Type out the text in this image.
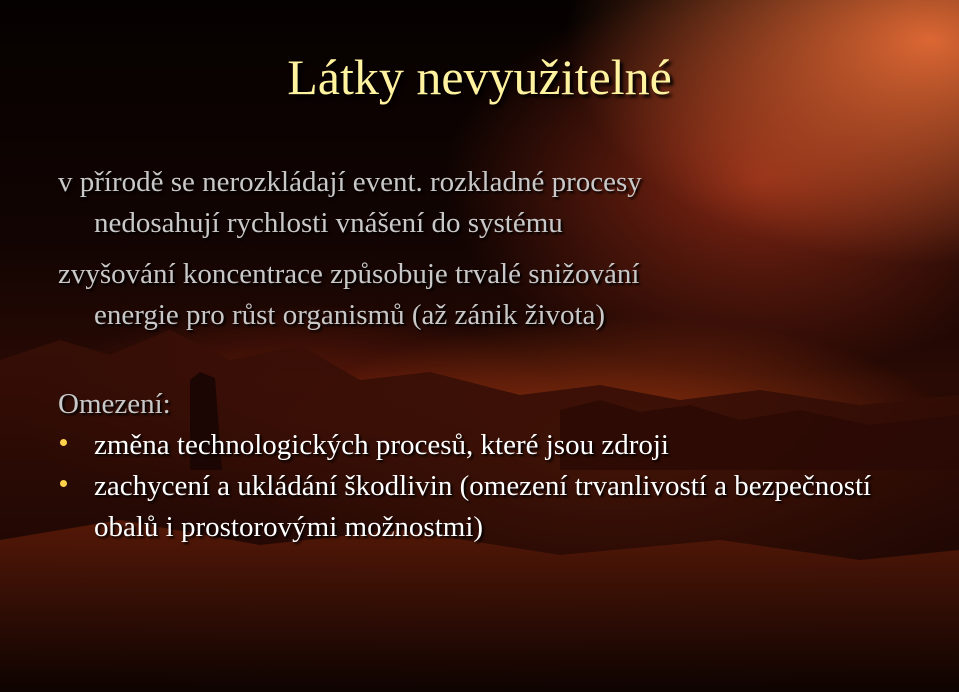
Látky nevyužitelné

v přírodě se nerozkládají event. rozkladné procesy
nedosahují rychlosti vnášení do systému

zvyšování koncentrace způsobuje trvalé snižování
energie pro růst organismů (až zánik života)

Omezení:

změna technologických procesů, které jsou zdroji
zachycení a ukládání škodlivin (omezení trvanlivostí a bezpečností obalů i prostorovými možnostmi)
